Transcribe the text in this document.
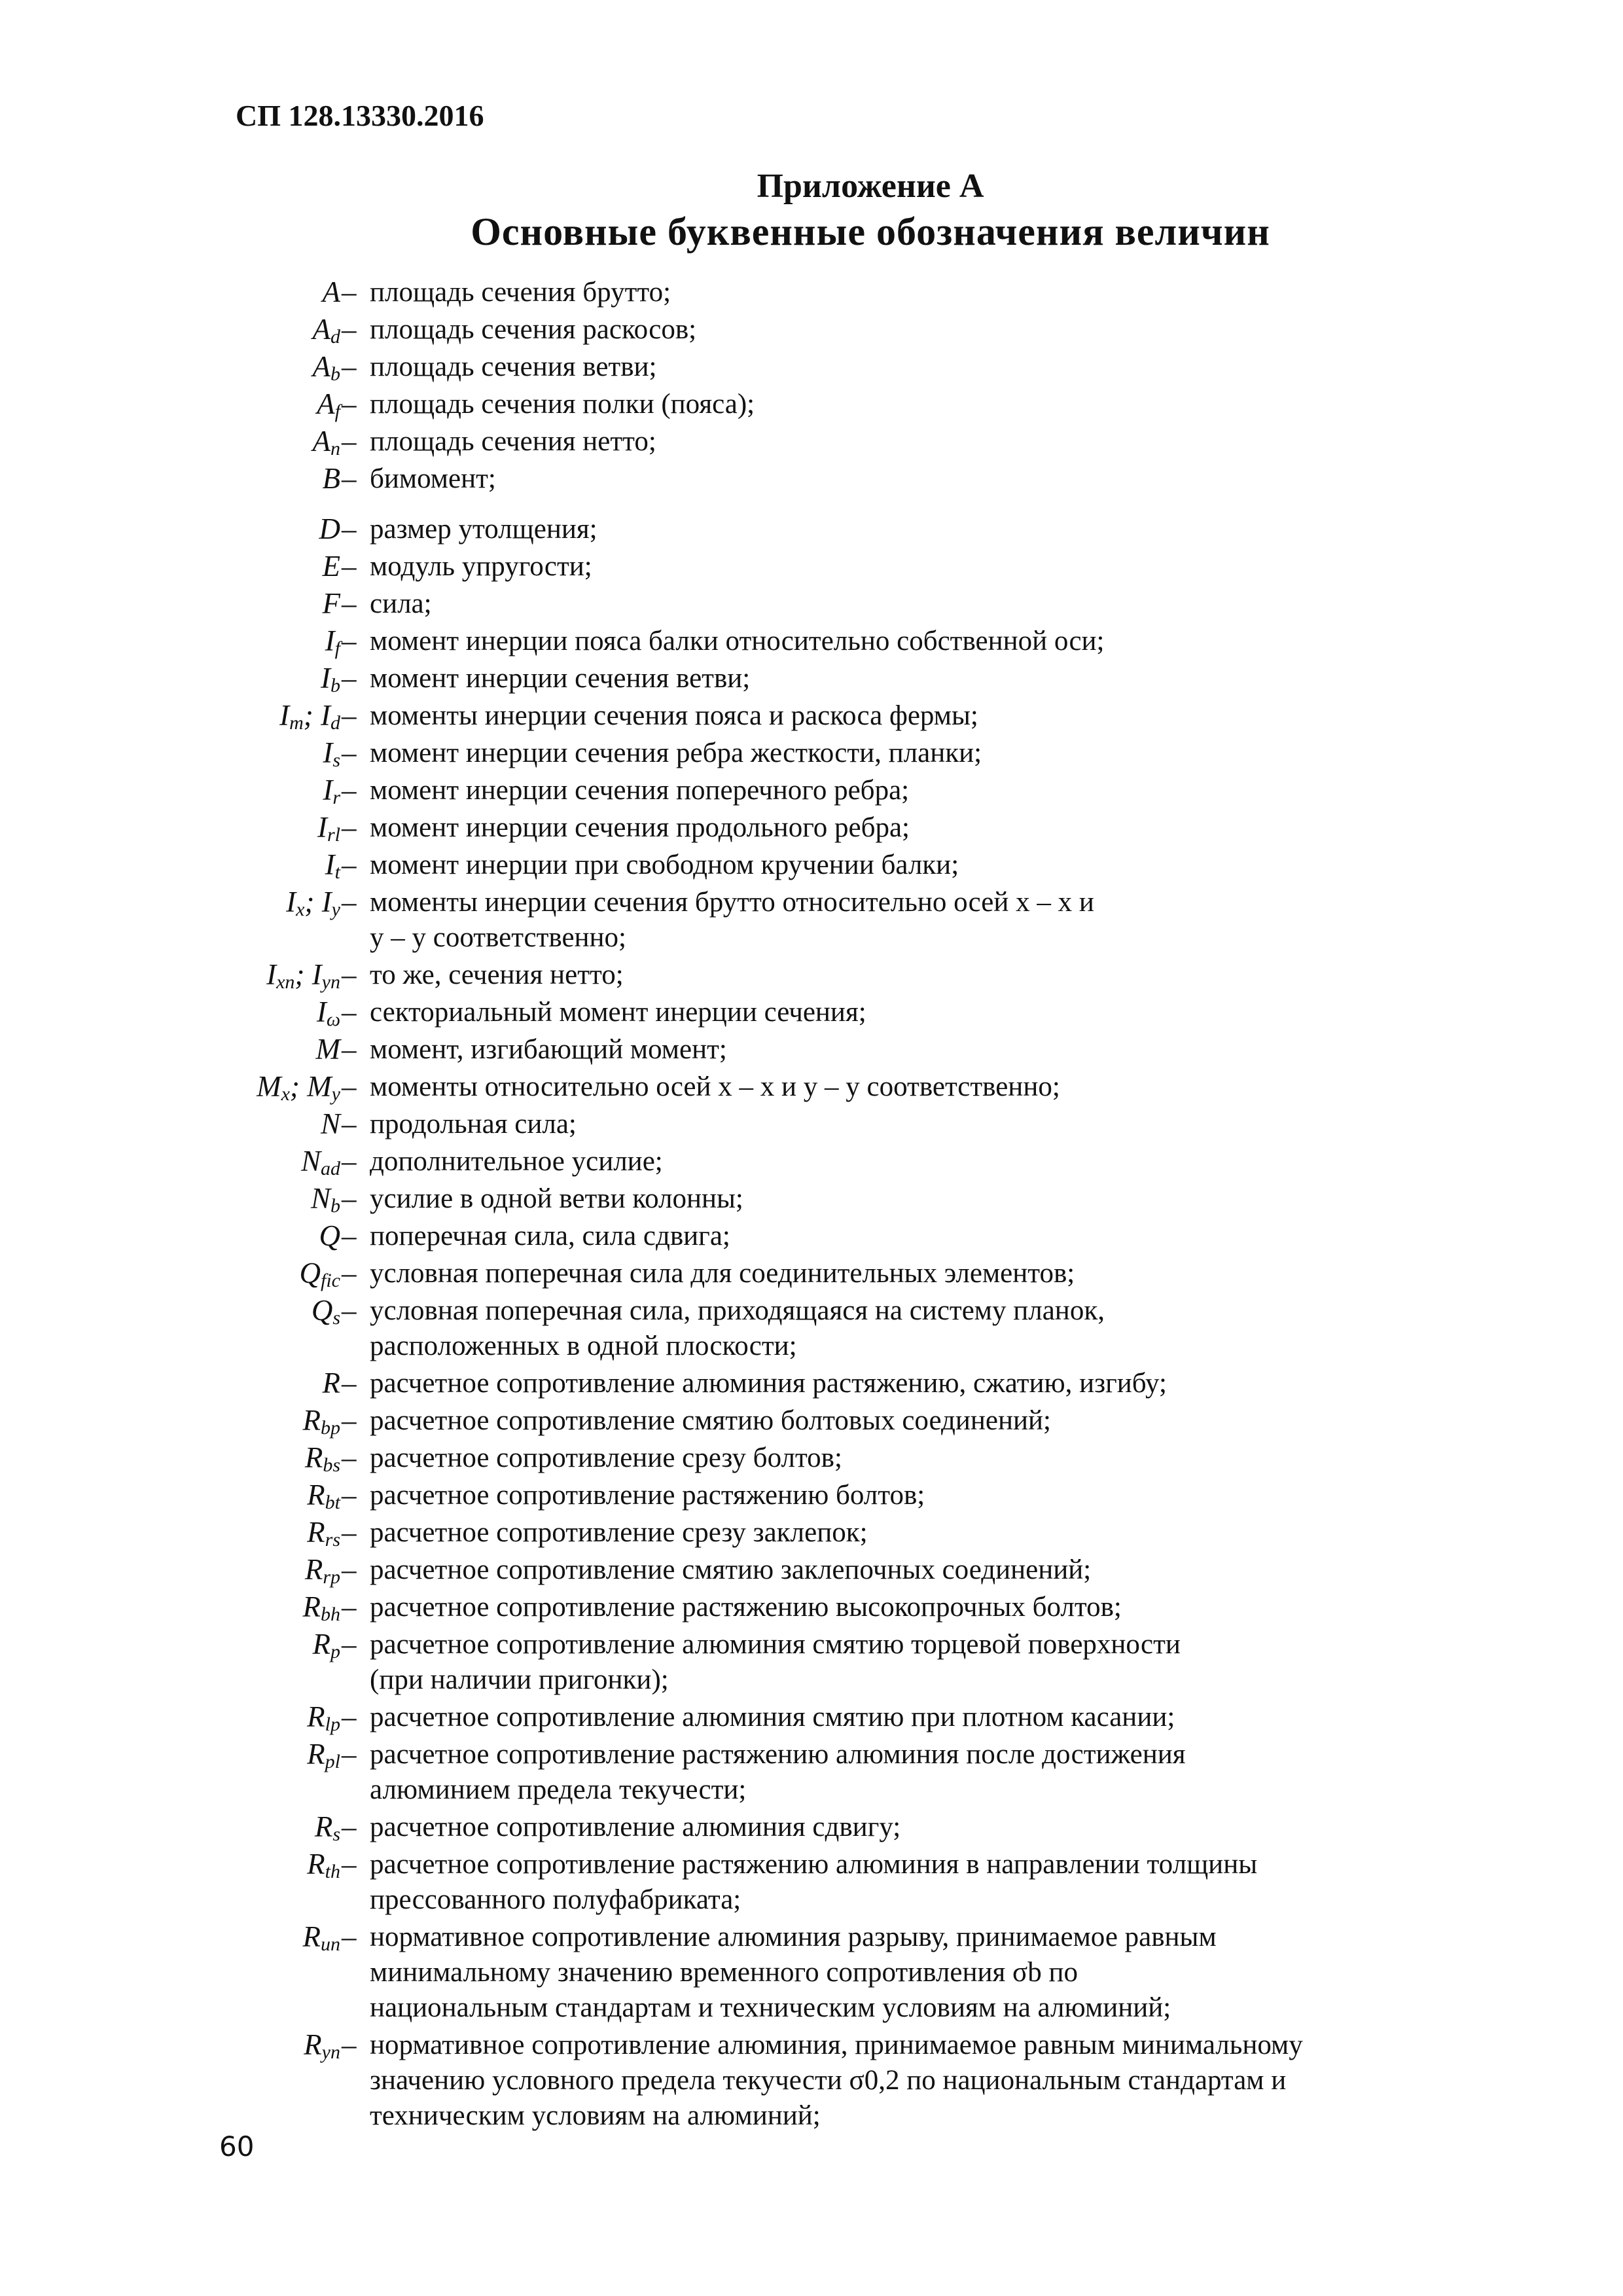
СП 128.13330.2016
Приложение А
Основные буквенные обозначения величин
A – площадь сечения брутто;
$A_d$ – площадь сечения раскосов;
$A_b$ – площадь сечения ветви;
$A_f$ – площадь сечения полки (пояса);
$A_n$ – площадь сечения нетто;
B – бимомент;
D – размер утолщения;
E – модуль упругости;
F – сила;
$I_f$ – момент инерции пояса балки относительно собственной оси;
$I_b$ – момент инерции сечения ветви;
$I_m$; $I_d$ – моменты инерции сечения пояса и раскоса фермы;
$I_s$ – момент инерции сечения ребра жесткости, планки;
$I_r$ – момент инерции сечения поперечного ребра;
$I_{rl}$ – момент инерции сечения продольного ребра;
$I_t$ – момент инерции при свободном кручении балки;
$I_x$; $I_y$ – моменты инерции сечения брутто относительно осей x – x и
y – y соответственно;
$I_{xn}$; $I_{yn}$ – то же, сечения нетто;
$I_\omega$ – секториальный момент инерции сечения;
M – момент, изгибающий момент;
$M_x$; $M_y$ – моменты относительно осей x – x и y – y соответственно;
N – продольная сила;
$N_{ad}$ – дополнительное усилие;
$N_b$ – усилие в одной ветви колонны;
Q – поперечная сила, сила сдвига;
$Q_{fic}$ – условная поперечная сила для соединительных элементов;
$Q_s$ – условная поперечная сила, приходящаяся на систему планок,
расположенных в одной плоскости;
R – расчетное сопротивление алюминия растяжению, сжатию, изгибу;
$R_{bp}$ – расчетное сопротивление смятию болтовых соединений;
$R_{bs}$ – расчетное сопротивление срезу болтов;
$R_{bt}$ – расчетное сопротивление растяжению болтов;
$R_{rs}$ – расчетное сопротивление срезу заклепок;
$R_{rp}$ – расчетное сопротивление смятию заклепочных соединений;
$R_{bh}$ – расчетное сопротивление растяжению высокопрочных болтов;
$R_p$ – расчетное сопротивление алюминия смятию торцевой поверхности
(при наличии пригонки);
$R_{lp}$ – расчетное сопротивление алюминия смятию при плотном касании;
$R_{pl}$ – расчетное сопротивление растяжению алюминия после достижения
алюминием предела текучести;
$R_s$ – расчетное сопротивление алюминия сдвигу;
$R_{th}$ – расчетное сопротивление растяжению алюминия в направлении толщины
прессованного полуфабриката;
$R_{un}$ – нормативное сопротивление алюминия разрыву, принимаемое равным
минимальному значению временного сопротивления σb по
национальным стандартам и техническим условиям на алюминий;
$R_{yn}$ – нормативное сопротивление алюминия, принимаемое равным минимальному
значению условного предела текучести σ0,2 по национальным стандартам и
техническим условиям на алюминий;
60
